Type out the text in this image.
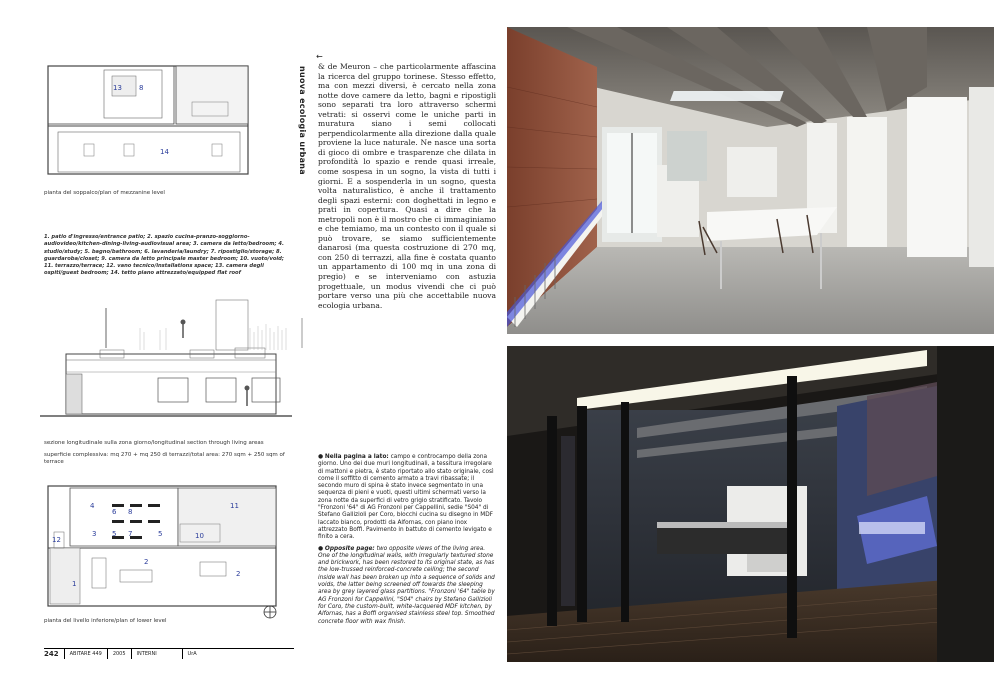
13 8
14
pianta del soppalco/plan of mezzanine level
1. patio d'ingresso/entrance patio; 2. spazio cucina-pranzo-soggiorno-audiovideo/kitchen-dining-living-audiovisual area; 3. camera da letto/bedroom; 4. studio/study; 5. bagno/bathroom; 6. lavanderia/laundry; 7. ripostiglio/storage; 8. guardaroba/closet; 9. camera da letto principale master bedroom; 10. vuoto/void; 11. terrazzo/terrace; 12. vano tecnico/installations space; 13. camera degli ospiti/guest bedroom; 14. tetto piano attrezzato/equipped flat roof
sezione longitudinale sulla zona giorno/longitudinal section through living areas
superficie complessiva: mq 270 + mq 250 di terrazzi/total area: 270 sqm + 250 sqm of terrace
11
4
6 8
3 5 7	5	10
12
2
2
1
pianta del livello inferiore/plan of lower level
242	ABITARE 449	2005	INTERNI	UrA
nuova ecologia urbana
←
& de Meuron – che particolarmente affascina la ricerca del gruppo torinese. Stesso effetto, ma con mezzi diversi, è cercato nella zona notte dove camere da letto, bagni e ripostigli sono separati tra loro attraverso schermi vetrati: si osservi come le uniche parti in muratura siano i semi collocati perpendicolarmente alla direzione dalla quale proviene la luce naturale. Ne nasce una sorta di gioco di ombre e trasparenze che dilata in profondità lo spazio e rende quasi irreale, come sospesa in un sogno, la vista di tutti i giorni. E a sospenderla in un sogno, questa volta naturalistico, è anche il trattamento degli spazi esterni: con doghettati in legno e prati in copertura. Quasi a dire che la metropoli non è il mostro che ci immaginiamo e che temiamo, ma un contesto con il quale si può trovare, se siamo sufficientemente danarosi (ma questa costruzione di 270 mq, con 250 di terrazzi, alla fine è costata quanto un appartamento di 100 mq in una zona di pregio) e se interveniamo con astuzia progettuale, un modus vivendi che ci può portare verso una più che accettabile nuova ecologia urbana.
● Nella pagina a lato: campo e controcampo della zona giorno. Uno dei due muri longitudinali, a tessitura irregolare di mattoni e pietra, è stato riportato allo stato originale, così come il soffitto di cemento armato a travi ribassate; il secondo muro di spina è stato invece segmentato in una sequenza di pieni e vuoti, questi ultimi schermati verso la zona notte da superfici di vetro grigio stratificato. Tavolo "Fronzoni '64" di AG Fronzoni per Cappellini, sedie "S04" di Stefano Gallizioli per Coro, blocchi cucina su disegno in MDF laccato bianco, prodotti da Alfornas, con piano inox attrezzato Boffi. Pavimento in battuto di cemento levigato e finito a cera.
● Opposite page: two opposite views of the living area. One of the longitudinal walls, with irregularly textured stone and brickwork, has been restored to its original state, as has the low-trussed reinforced-concrete ceiling; the second inside wall has been broken up into a sequence of solids and voids, the latter being screened off towards the sleeping area by grey layered glass partitions. "Fronzoni '64" table by AG Fronzoni for Cappellini, "S04" chairs by Stefano Gallizioli for Coro, the custom-built, white-lacquered MDF kitchen, by Alfornas, has a Boffi organised stainless steel top. Smoothed concrete floor with wax finish.
